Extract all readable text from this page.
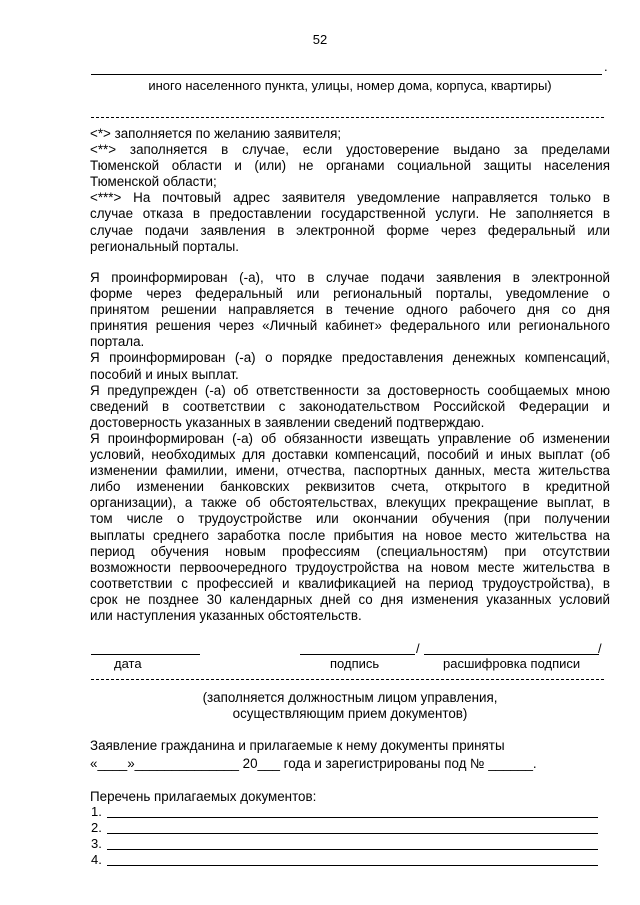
52
.
иного населенного пункта, улицы, номер дома, корпуса, квартиры)
<*> заполняется по желанию заявителя;
<**> заполняется в случае, если удостоверение выдано за пределами
Тюменской области и (или) не органами социальной защиты населения
Тюменской области;
<***> На почтовый адрес заявителя уведомление направляется только в
случае отказа в предоставлении государственной услуги. Не заполняется в
случае подачи заявления в электронной форме через федеральный или
региональный порталы.
Я проинформирован (-а), что в случае подачи заявления в электронной
форме через федеральный или региональный порталы, уведомление о
принятом решении направляется в течение одного рабочего дня со дня
принятия решения через «Личный кабинет» федерального или регионального
портала.
Я проинформирован (-а) о порядке предоставления денежных компенсаций,
пособий и иных выплат.
Я предупрежден (-а) об ответственности за достоверность сообщаемых мною
сведений в соответствии с законодательством Российской Федерации и
достоверность указанных в заявлении сведений подтверждаю.
Я проинформирован (-а) об обязанности извещать управление об изменении
условий, необходимых для доставки компенсаций, пособий и иных выплат (об
изменении фамилии, имени, отчества, паспортных данных, места жительства
либо изменении банковских реквизитов счета, открытого в кредитной
организации), а также об обстоятельствах, влекущих прекращение выплат, в
том числе о трудоустройстве или окончании обучения (при получении
выплаты среднего заработка после прибытия на новое место жительства на
период обучения новым профессиям (специальностям) при отсутствии
возможности первоочередного трудоустройства на новом месте жительства в
соответствии с профессией и квалификацией на период трудоустройства), в
срок не позднее 30 календарных дней со дня изменения указанных условий
или наступления указанных обстоятельств.
/	/
дата	подпись	расшифровка подписи
(заполняется должностным лицом управления,
осуществляющим прием документов)
Заявление гражданина и прилагаемые к нему документы приняты
«____»______________ 20___ года и зарегистрированы под № ______.
Перечень прилагаемых документов:
1.
2.
3.
4.
